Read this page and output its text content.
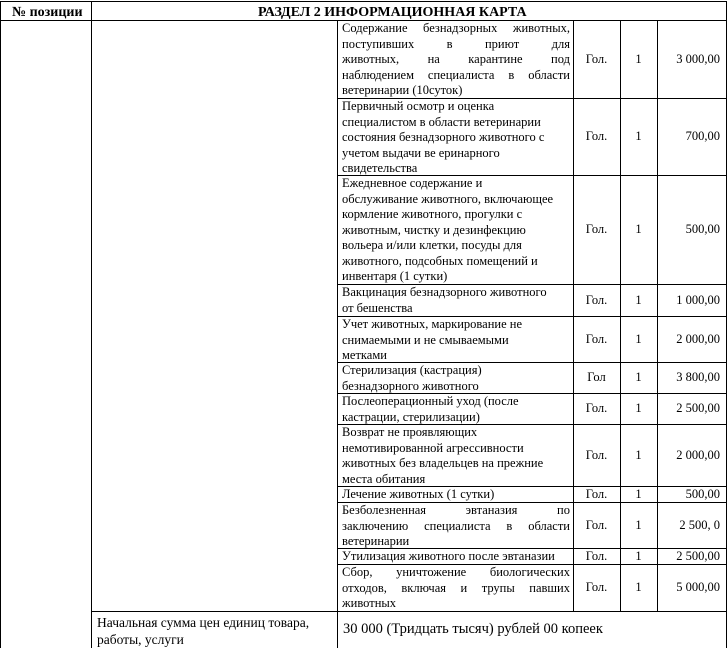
№ позиции	РАЗДЕЛ 2 ИНФОРМАЦИОННАЯ КАРТА
Содержание безнадзорных животных,
поступивших в приют для
животных, на карантине под
наблюдением специалиста в области
ветеринарии (10суток)
Гол.	1	3 000,00
Первичный осмотр и оценка
специалистом в области ветеринарии
состояния безнадзорного животного с
учетом выдачи ве еринарного
свидетельства
Гол.	1	700,00
Ежедневное содержание и
обслуживание животного, включающее
кормление животного, прогулки с
животным, чистку и дезинфекцию
вольера и/или клетки, посуды для
животного, подсобных помещений и
инвентаря (1 сутки)
Гол.	1	500,00
Вакцинация безнадзорного животного
от бешенства
Гол.	1	1 000,00
Учет животных, маркирование не
снимаемыми и не смываемыми
метками
Гол.	1	2 000,00
Стерилизация (кастрация)
безнадзорного животного
Гол	1	3 800,00
Послеоперационный уход (после
кастрации, стерилизации)
Гол.	1	2 500,00
Возврат не проявляющих
немотивированной агрессивности
животных без владельцев на прежние
места обитания
Гол.	1	2 000,00
Лечение животных (1 сутки)	Гол.	1	500,00
Безболезненная эвтаназия по
заключению специалиста в области
ветеринарии
Гол.	1	2 500, 0
Утилизация животного после эвтаназии	Гол.	1	2 500,00
Сбор, уничтожение биологических
отходов, включая и трупы павших
животных
Гол.	1	5 000,00
Начальная сумма цен единиц товара,
работы, услуги
30 000 (Тридцать тысяч) рублей 00 копеек
